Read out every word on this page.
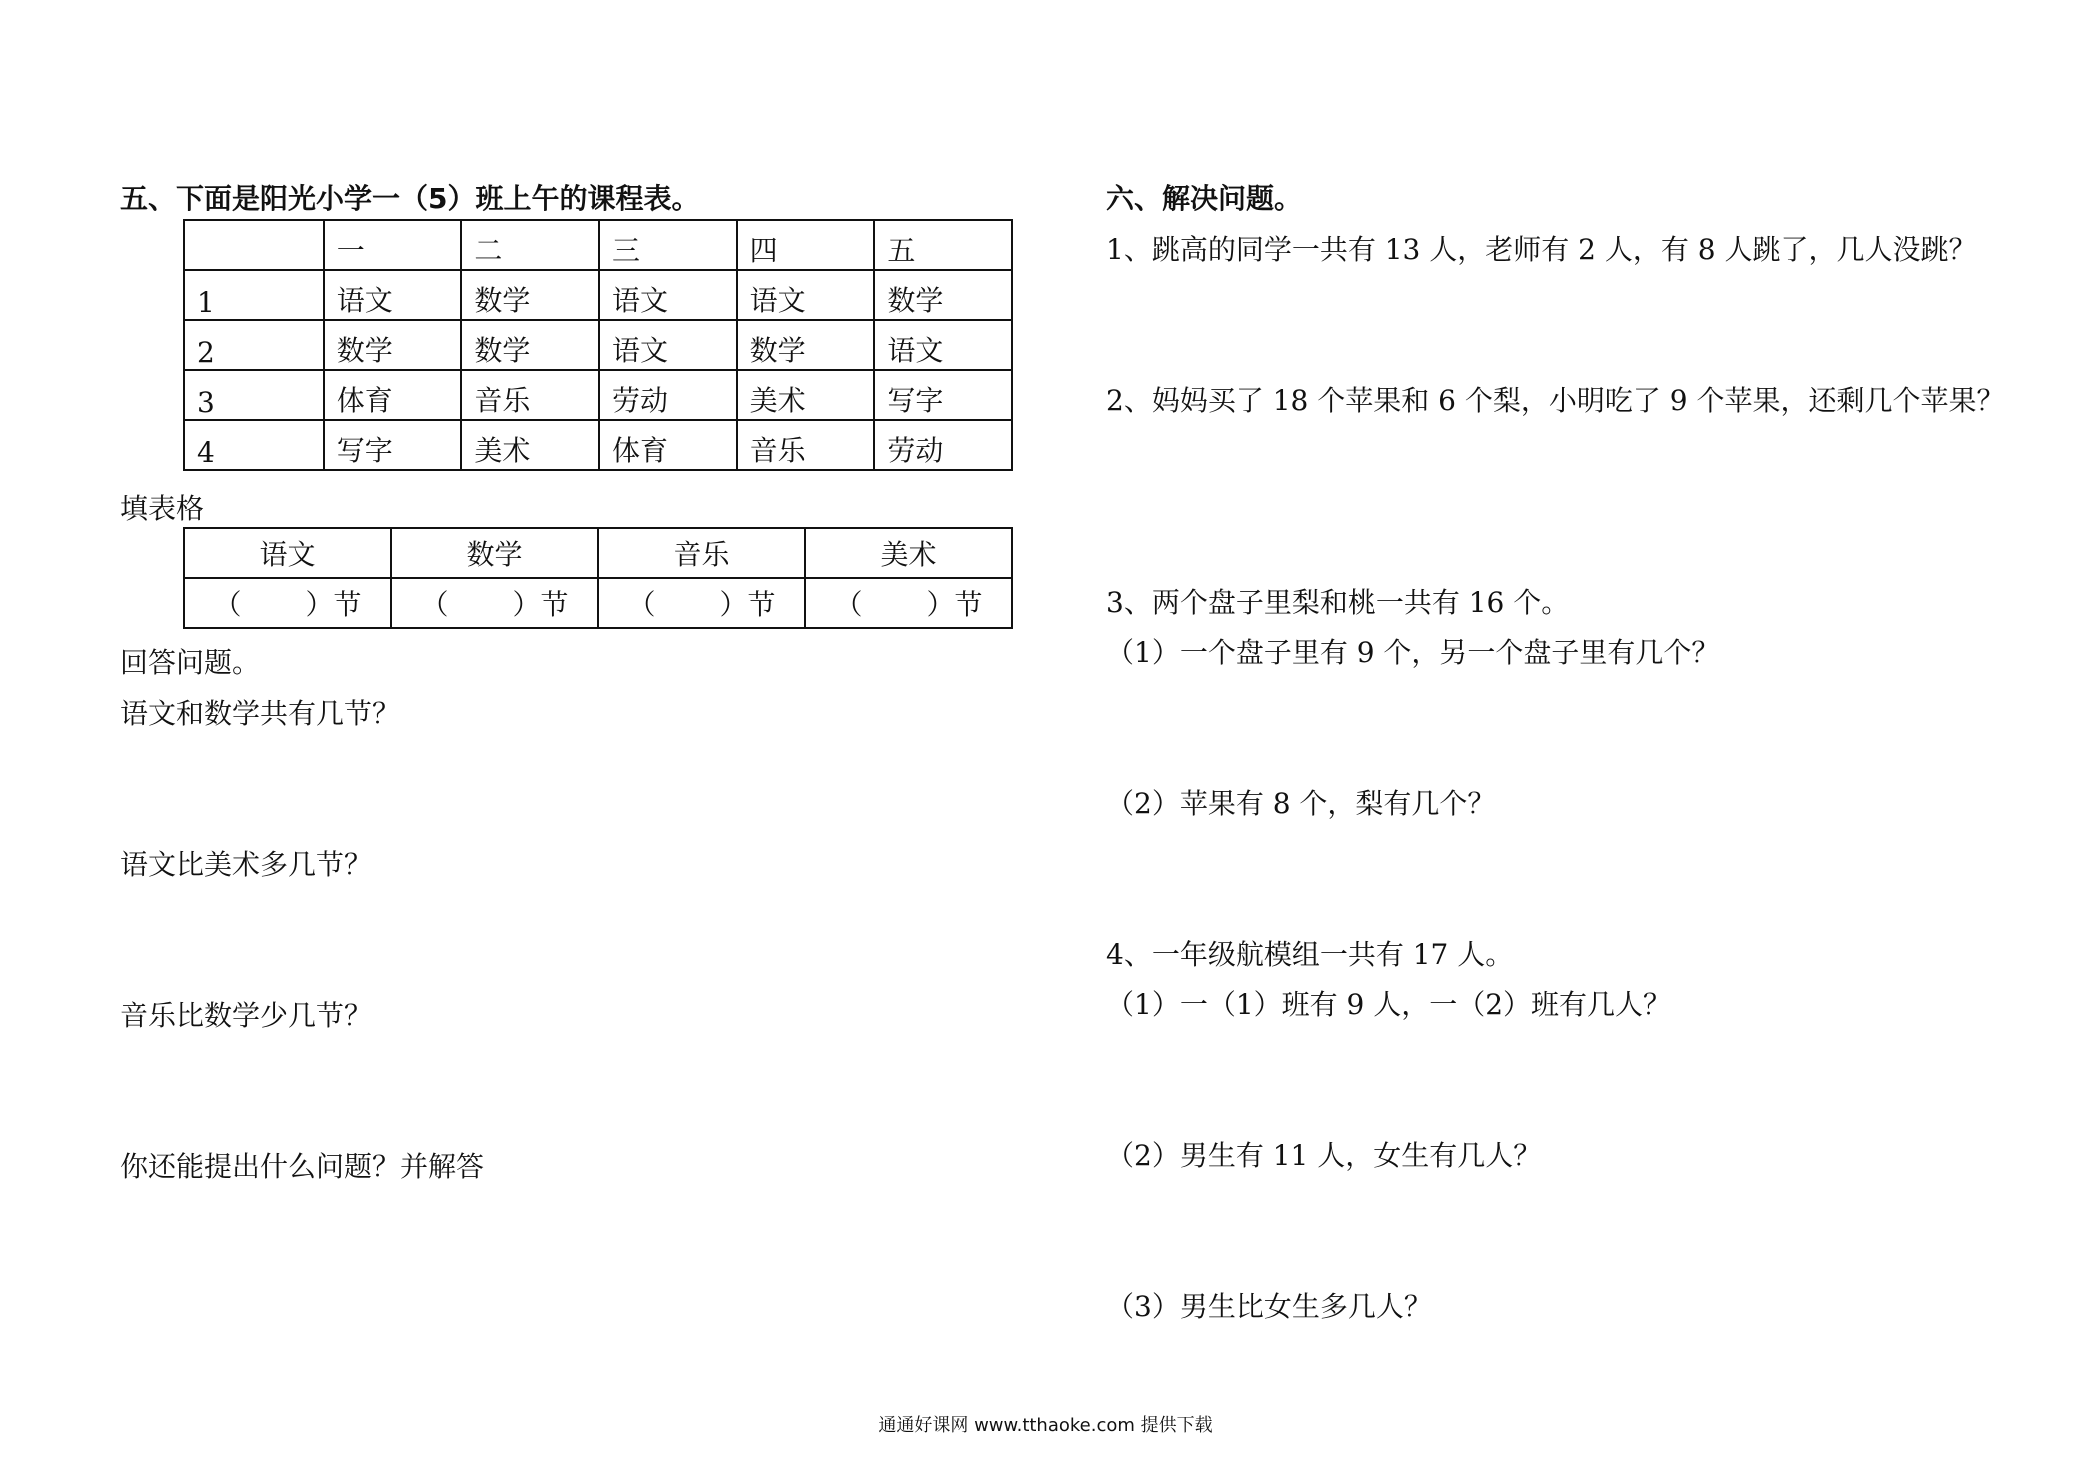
五、下面是阳光小学一（5）班上午的课程表。
	一	二	三	四	五
1	语文	数学	语文	语文	数学
2	数学	数学	语文	数学	语文
3	体育	音乐	劳动	美术	写字
4	写字	美术	体育	音乐	劳动
填表格
语文	数学	音乐	美术

（ ）节	（ ）节	（ ）节	（ ）节
回答问题。
语文和数学共有几节？
语文比美术多几节？
音乐比数学少几节？
你还能提出什么问题？并解答
六、解决问题。
1、跳高的同学一共有 13 人，老师有 2 人，有 8 人跳了，几人没跳？
2、妈妈买了 18 个苹果和 6 个梨，小明吃了 9 个苹果，还剩几个苹果？
3、两个盘子里梨和桃一共有 16 个。
（1）一个盘子里有 9 个，另一个盘子里有几个？
（2）苹果有 8 个，梨有几个？
4、一年级航模组一共有 17 人。
（1）一（1）班有 9 人，一（2）班有几人？
（2）男生有 11 人，女生有几人？
（3）男生比女生多几人？
通通好课网 www.tthaoke.com 提供下载
